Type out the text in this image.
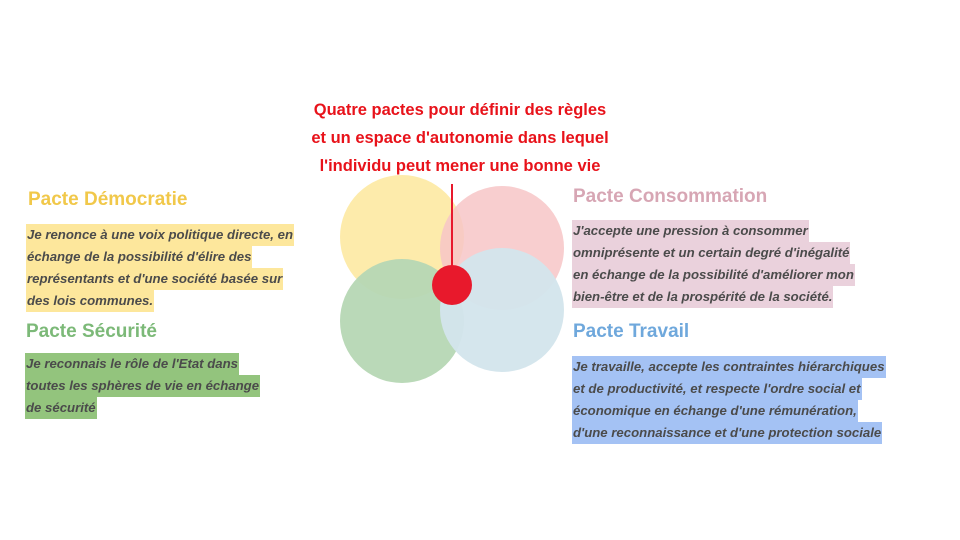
Quatre pactes pour définir des règles
et un espace d'autonomie dans lequel
l'individu peut mener une bonne vie
Pacte Démocratie
Je renonce à une voix politique directe, en
échange de la possibilité d'élire des
représentants et d'une société basée sur
des lois communes.
Pacte Sécurité
Je reconnais le rôle de l'Etat dans
toutes les sphères de vie en échange
de sécurité
Pacte Consommation
J'accepte une pression à consommer
omniprésente et un certain degré d'inégalité
en échange de la possibilité d'améliorer mon
bien-être et de la prospérité de la société.
Pacte Travail
Je travaille, accepte les contraintes hiérarchiques
et de productivité, et respecte l'ordre social et
économique en échange d'une rémunération,
d'une reconnaissance et d'une protection sociale
